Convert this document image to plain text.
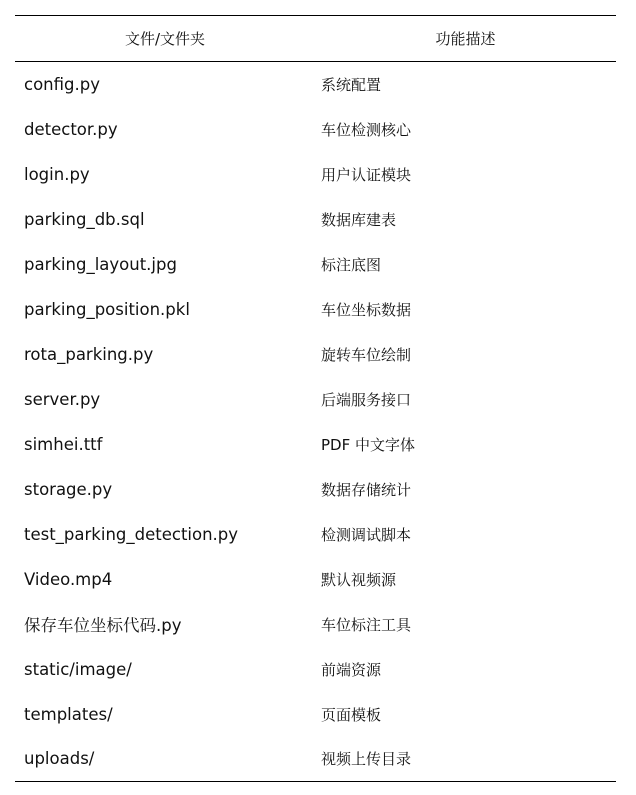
文件/文件夹	功能描述
config.py	系统配置
detector.py	车位检测核心
login.py	用户认证模块
parking_db.sql	数据库建表
parking_layout.jpg	标注底图
parking_position.pkl	车位坐标数据
rota_parking.py	旋转车位绘制
server.py	后端服务接口
simhei.ttf	PDF 中文字体
storage.py	数据存储统计
test_parking_detection.py	检测调试脚本
Video.mp4	默认视频源
保存车位坐标代码.py	车位标注工具
static/image/	前端资源
templates/	页面模板
uploads/	视频上传目录
